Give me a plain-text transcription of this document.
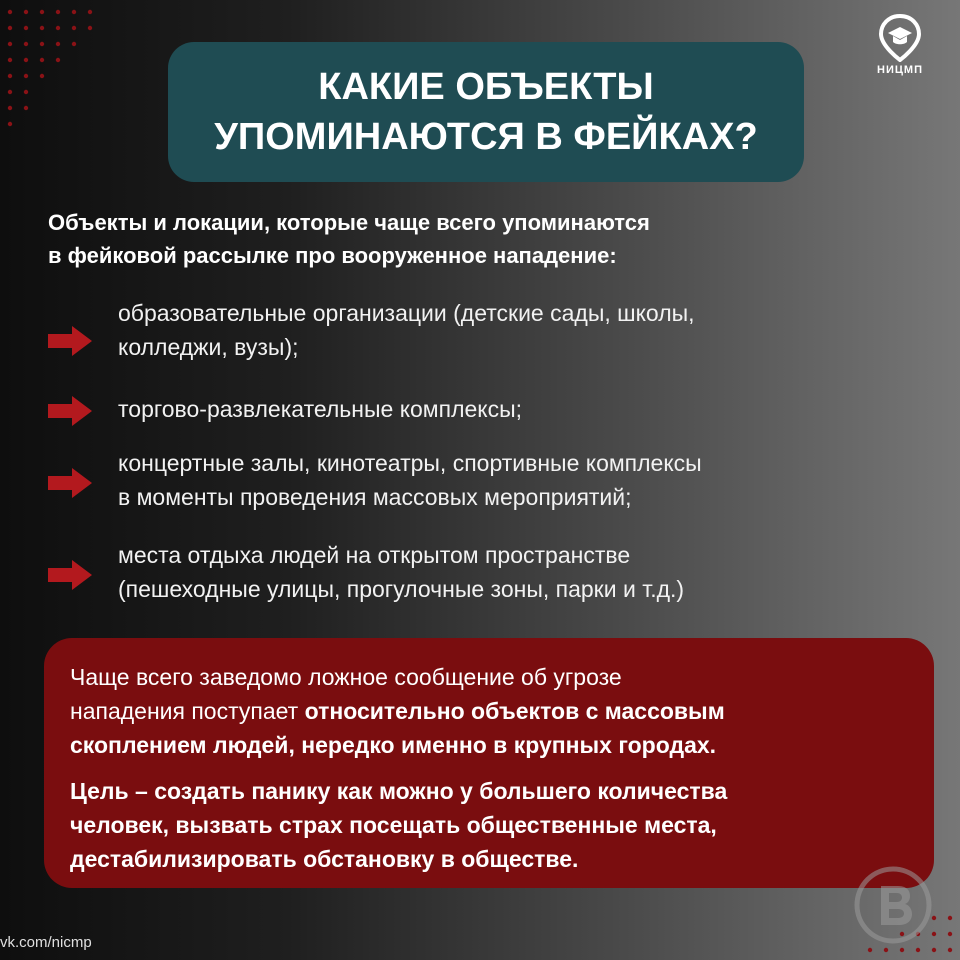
НИЦМП
КАКИЕ ОБЪЕКТЫ
УПОМИНАЮТСЯ В ФЕЙКАХ?
Объекты и локации, которые чаще всего упоминаются
в фейковой рассылке про вооруженное нападение:
образовательные организации (детские сады, школы,
колледжи, вузы);
торгово-развлекательные комплексы;
концертные залы, кинотеатры, спортивные комплексы
в моменты проведения массовых мероприятий;
места отдыха людей на открытом пространстве
(пешеходные улицы, прогулочные зоны, парки и т.д.)
Чаще всего заведомо ложное сообщение об угрозе
нападения поступает относительно объектов с массовым
скоплением людей, нередко именно в крупных городах.
Цель – создать панику как можно у большего количества
человек, вызвать страх посещать общественные места,
дестабилизировать обстановку в обществе.
vk.com/nicmp
